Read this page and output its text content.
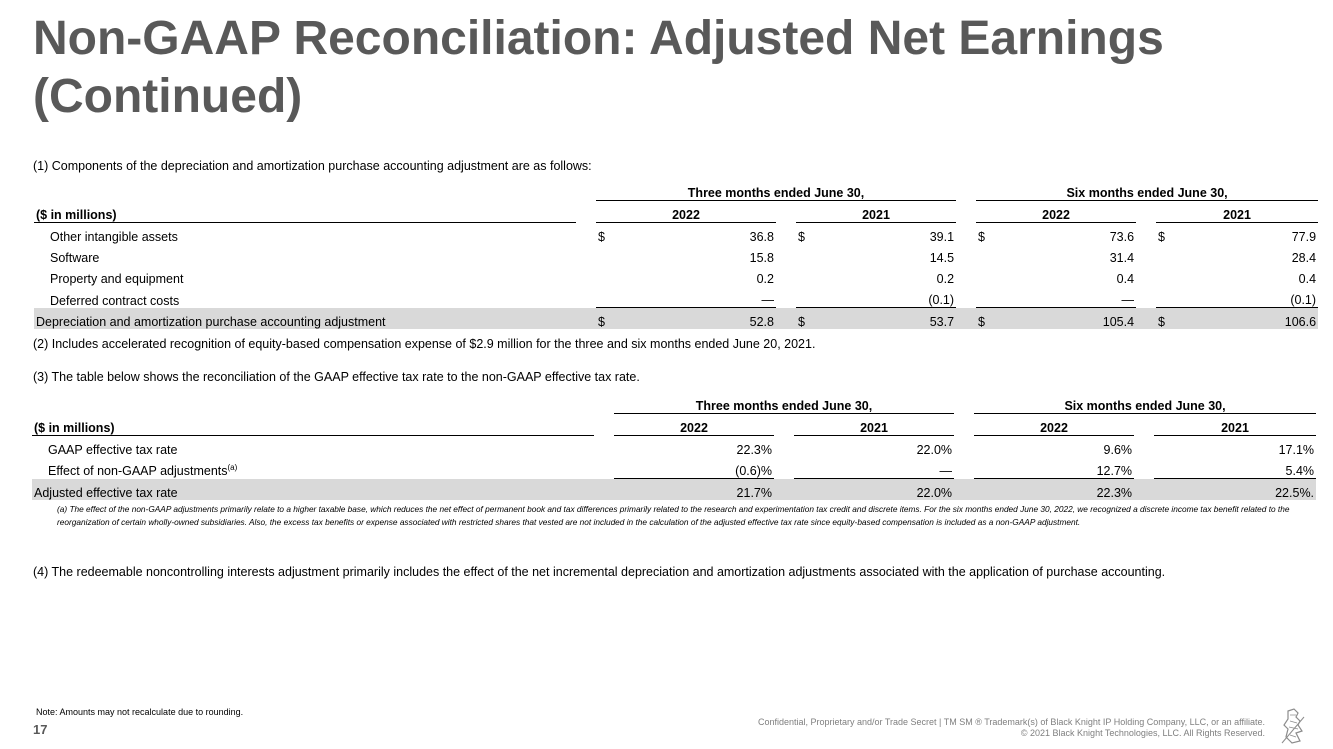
Non-GAAP Reconciliation: Adjusted Net Earnings (Continued)
(1) Components of the depreciation and amortization purchase accounting adjustment are as follows:
		Three months ended June 30,						Six months ended June 30,				
($ in millions)		2022			2021			2022			2021	
Other intangible assets		$	36.8		$	39.1		$	73.6		$	77.9
Software			15.8			14.5			31.4			28.4
Property and equipment			0.2			0.2			0.4			0.4
Deferred contract costs			—			(0.1)			—			(0.1)
Depreciation and amortization purchase accounting adjustment		$	52.8		$	53.7		$	105.4		$	106.6
(2) Includes accelerated recognition of equity-based compensation expense of $2.9 million for the three and six months ended June 20, 2021.
(3) The table below shows the reconciliation of the GAAP effective tax rate to the non-GAAP effective tax rate.
		Three months ended June 30,				Six months ended June 30,		
($ in millions)		2022		2021		2022		2021
GAAP effective tax rate		22.3%		22.0%		9.6%		17.1%
Effect of non-GAAP adjustments$^{(a)}$		(0.6)%		—		12.7%		5.4%
Adjusted effective tax rate		21.7%		22.0%		22.3%		22.5%.
(a) The effect of the non-GAAP adjustments primarily relate to a higher taxable base, which reduces the net effect of permanent book and tax differences primarily related to the research and experimentation tax credit and discrete items. For the six months ended June 30, 2022, we recognized a discrete income tax benefit related to the reorganization of certain wholly-owned subsidiaries. Also, the excess tax benefits or expense associated with restricted shares that vested are not included in the calculation of the adjusted effective tax rate since equity-based compensation is included as a non-GAAP adjustment.
(4) The redeemable noncontrolling interests adjustment primarily includes the effect of the net incremental depreciation and amortization adjustments associated with the application of purchase accounting.
Note: Amounts may not recalculate due to rounding.
17	Confidential, Proprietary and/or Trade Secret | TM SM ® Trademark(s) of Black Knight IP Holding Company, LLC, or an affiliate.
© 2021 Black Knight Technologies, LLC. All Rights Reserved.
